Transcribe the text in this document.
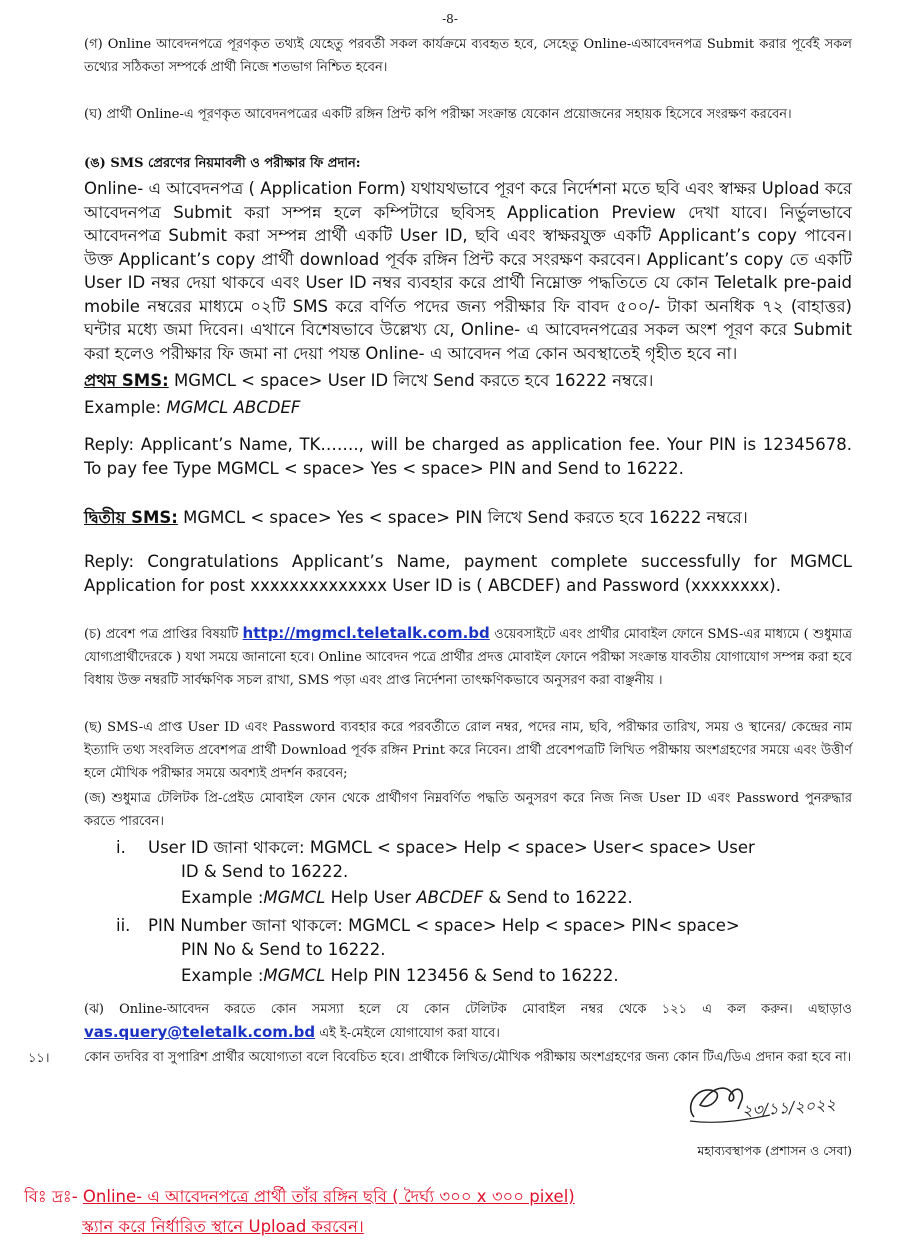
-8-
(গ) Online আবেদনপত্রে পূরণকৃত তথ্যই যেহেতু পরবর্তী সকল কার্যক্রমে ব্যবহৃত হবে, সেহেতু Online-এআবেদনপত্র Submit করার পূর্বেই সকল তথ্যের সঠিকতা সম্পর্কে প্রার্থী নিজে শতভাগ নিশ্চিত হবেন।
(ঘ) প্রার্থী Online-এ পূরণকৃত আবেদনপত্রের একটি রঙ্গিন প্রিন্ট কপি পরীক্ষা সংক্রান্ত যেকোন প্রয়োজনের সহায়ক হিসেবে সংরক্ষণ করবেন।
(ঙ) SMS প্রেরণের নিয়মাবলী ও পরীক্ষার ফি প্রদান:
Online- এ আবেদনপত্র ( Application Form) যথাযথভাবে পূরণ করে নির্দেশনা মতে ছবি এবং স্বাক্ষর Upload করে আবেদনপত্র Submit করা সম্পন্ন হলে কম্পিটারে ছবিসহ Application Preview দেখা যাবে। নির্ভুলভাবে আবেদনপত্র Submit করা সম্পন্ন প্রার্থী একটি User ID, ছবি এবং স্বাক্ষরযুক্ত একটি Applicant’s copy পাবেন। উক্ত Applicant’s copy প্রার্থী download পূর্বক রঙ্গিন প্রিন্ট করে সংরক্ষণ করবেন। Applicant’s copy তে একটি User ID নম্বর দেয়া থাকবে এবং User ID নম্বর ব্যবহার করে প্রার্থী নিম্নোক্ত পদ্ধতিতে যে কোন Teletalk pre-paid mobile নম্বরের মাধ্যমে ০২টি SMS করে বর্ণিত পদের জন্য পরীক্ষার ফি বাবদ ৫০০/- টাকা অনধিক ৭২ (বাহাত্তর) ঘন্টার মধ্যে জমা দিবেন। এখানে বিশেষভাবে উল্লেখ্য যে, Online- এ আবেদনপত্রের সকল অংশ পূরণ করে Submit করা হলেও পরীক্ষার ফি জমা না দেয়া পযন্ত Online- এ আবেদন পত্র কোন অবস্থাতেই গৃহীত হবে না।
প্রথম SMS: MGMCL < space> User ID লিখে Send করতে হবে 16222 নম্বরে।
Example: MGMCL ABCDEF
Reply: Applicant’s Name, TK……., will be charged as application fee. Your PIN is 12345678. To pay fee Type MGMCL < space> Yes < space> PIN and Send to 16222.
দ্বিতীয় SMS: MGMCL < space> Yes < space> PIN লিখে Send করতে হবে 16222 নম্বরে।
Reply: Congratulations Applicant’s Name, payment complete successfully for MGMCL Application for post xxxxxxxxxxxxxx User ID is ( ABCDEF) and Password (xxxxxxxx).
(চ) প্রবেশ পত্র প্রাপ্তির বিষয়টি http://mgmcl.teletalk.com.bd ওয়েবসাইটে এবং প্রার্থীর মোবাইল ফোনে SMS-এর মাধ্যমে ( শুধুমাত্র যোগ্যপ্রার্থীদেরকে ) যথা সময়ে জানানো হবে। Online আবেদন পত্রে প্রার্থীর প্রদত্ত মোবাইল ফোনে পরীক্ষা সংক্রান্ত যাবতীয় যোগাযোগ সম্পন্ন করা হবে বিধায় উক্ত নম্বরটি সার্বক্ষণিক সচল রাখা, SMS পড়া এবং প্রাপ্ত নির্দেশনা তাৎক্ষণিকভাবে অনুসরণ করা বাঞ্ছনীয় ।
(ছ) SMS-এ প্রাপ্ত User ID এবং Password ব্যবহার করে পরবর্তীতে রোল নম্বর, পদের নাম, ছবি, পরীক্ষার তারিখ, সময় ও স্থানের/ কেন্দ্রের নাম ইত্যাদি তথ্য সংবলিত প্রবেশপত্র প্রার্থী Download পূর্বক রঙ্গিন Print করে নিবেন। প্রার্থী প্রবেশপত্রটি লিখিত পরীক্ষায় অংশগ্রহণের সময়ে এবং উত্তীর্ণ হলে মৌখিক পরীক্ষার সময়ে অবশ্যই প্রদর্শন করবেন;
(জ) শুধুমাত্র টেলিটক প্রি-প্রেইড মোবাইল ফোন থেকে প্রার্থীগণ নিম্নবর্ণিত পদ্ধতি অনুসরণ করে নিজ নিজ User ID এবং Password পুনরুদ্ধার করতে পারবেন।
i. User ID জানা থাকলে: MGMCL < space> Help < space> User< space> User
ID & Send to 16222.
Example :MGMCL Help User ABCDEF & Send to 16222.
ii. PIN Number জানা থাকলে: MGMCL < space> Help < space> PIN< space>
PIN No & Send to 16222.
Example :MGMCL Help PIN 123456 & Send to 16222.
(ঝ) Online-আবেদন করতে কোন সমস্যা হলে যে কোন টেলিটক মোবাইল নম্বর থেকে ১২১ এ কল করুন। এছাড়াও vas.query@teletalk.com.bd এই ই-মেইলে যোগাযোগ করা যাবে।
১১।	কোন তদবির বা সুপারিশ প্রার্থীর অযোগ্যতা বলে বিবেচিত হবে। প্রার্থীকে লিখিত/মৌখিক পরীক্ষায় অংশগ্রহণের জন্য কোন টিএ/ডিএ প্রদান করা হবে না।
২৩/১১/২০২২
মহাব্যবস্থাপক (প্রশাসন ও সেবা)
বিঃ দ্রঃ- Online- এ আবেদনপত্রে প্রার্থী তাঁর রঙ্গিন ছবি ( দৈর্ঘ্য ৩০০ x ৩০০ pixel)
স্ক্যান করে নির্ধারিত স্থানে Upload করবেন।
